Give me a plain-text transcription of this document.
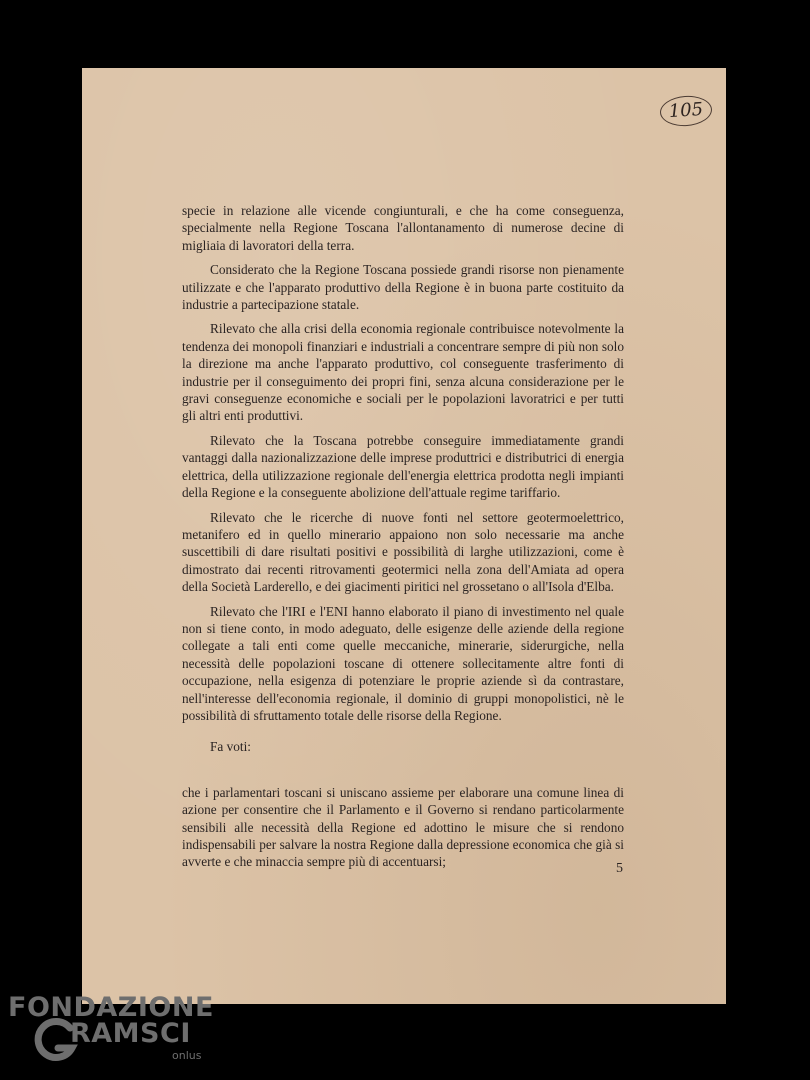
105

specie in relazione alle vicende congiunturali, e che ha come conseguenza, specialmente nella Regione Toscana l'allontanamento di numerose decine di migliaia di lavoratori della terra.

Considerato che la Regione Toscana possiede grandi risorse non pienamente utilizzate e che l'apparato produttivo della Regione è in buona parte costituito da industrie a partecipazione statale.

Rilevato che alla crisi della economia regionale contribuisce notevolmente la tendenza dei monopoli finanziari e industriali a concentrare sempre di più non solo la direzione ma anche l'apparato produttivo, col conseguente trasferimento di industrie per il conseguimento dei propri fini, senza alcuna considerazione per le gravi conseguenze economiche e sociali per le popolazioni lavoratrici e per tutti gli altri enti produttivi.

Rilevato che la Toscana potrebbe conseguire immediatamente grandi vantaggi dalla nazionalizzazione delle imprese produttrici e distributrici di energia elettrica, della utilizzazione regionale dell'energia elettrica prodotta negli impianti della Regione e la conseguente abolizione dell'attuale regime tariffario.

Rilevato che le ricerche di nuove fonti nel settore geotermoelettrico, metanifero ed in quello minerario appaiono non solo necessarie ma anche suscettibili di dare risultati positivi e possibilità di larghe utilizzazioni, come è dimostrato dai recenti ritrovamenti geotermici nella zona dell'Amiata ad opera della Società Larderello, e dei giacimenti piritici nel grossetano o all'Isola d'Elba.

Rilevato che l'IRI e l'ENI hanno elaborato il piano di investimento nel quale non si tiene conto, in modo adeguato, delle esigenze delle aziende della regione collegate a tali enti come quelle meccaniche, minerarie, siderurgiche, nella necessità delle popolazioni toscane di ottenere sollecitamente altre fonti di occupazione, nella esigenza di potenziare le proprie aziende sì da contrastare, nell'interesse dell'economia regionale, il dominio di gruppi monopolistici, nè le possibilità di sfruttamento totale delle risorse della Regione.

Fa voti:

che i parlamentari toscani si uniscano assieme per elaborare una comune linea di azione per consentire che il Parlamento e il Governo si rendano particolarmente sensibili alle necessità della Regione ed adottino le misure che si rendono indispensabili per salvare la nostra Regione dalla depressione economica che già si avverte e che minaccia sempre più di accentuarsi;	5
FONDAZIONE
RAMSCI
onlus
